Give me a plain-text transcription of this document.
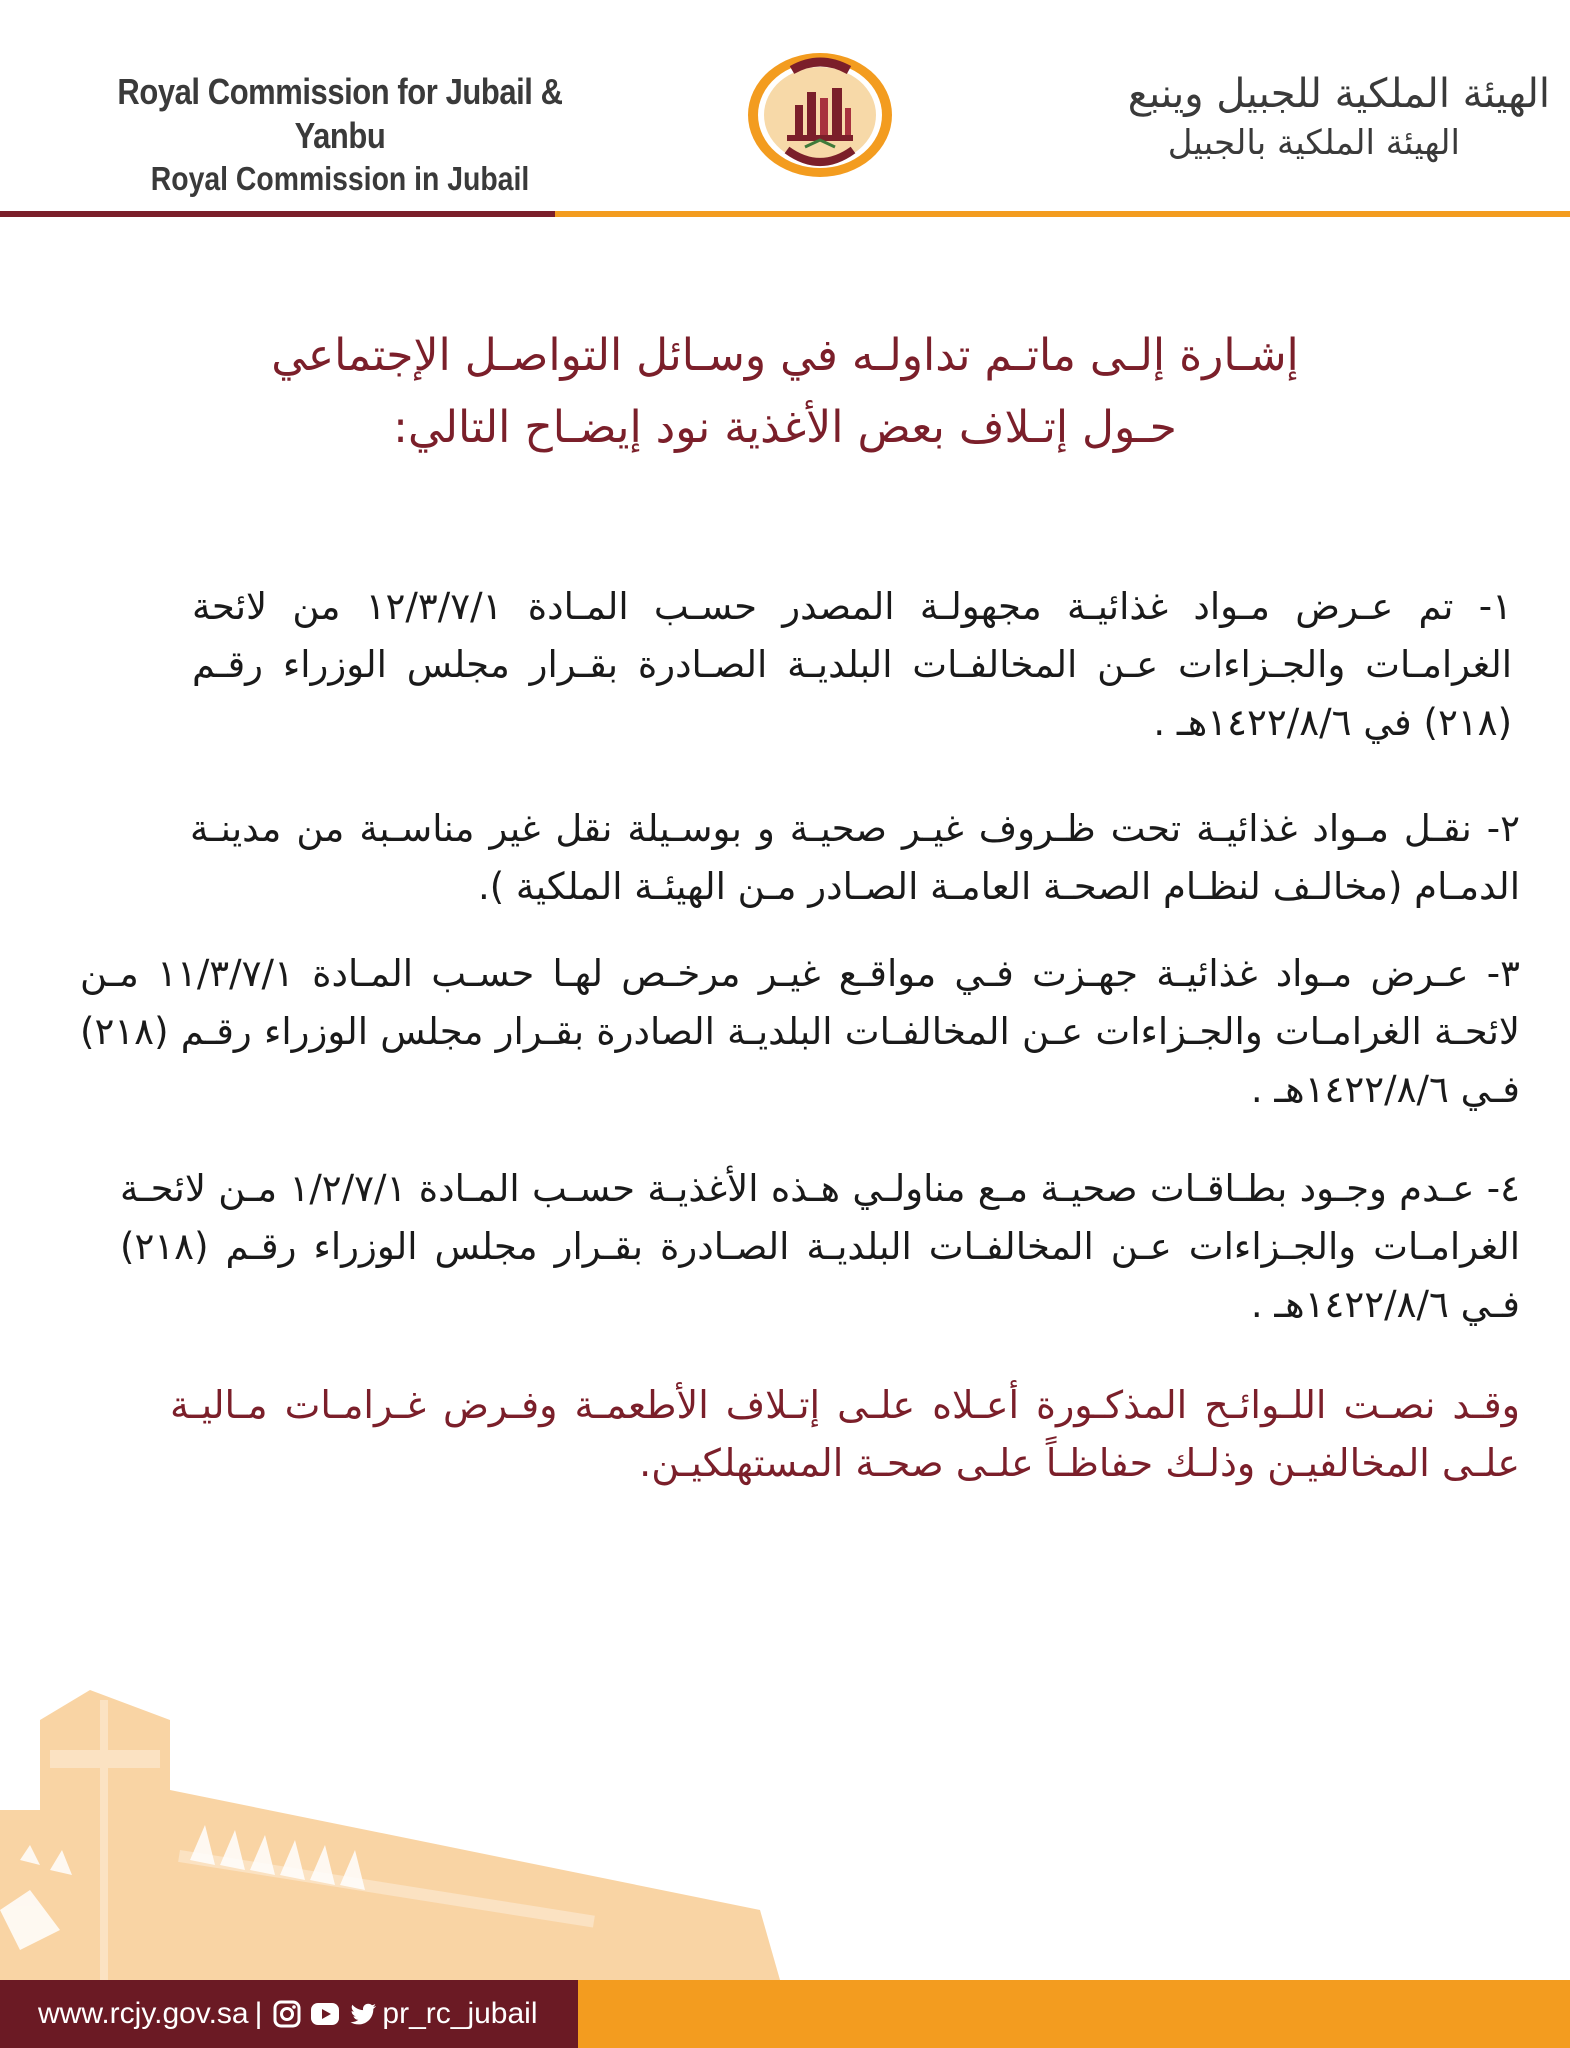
Royal Commission for Jubail & Yanbu
Royal Commission in Jubail
الهيئة الملكية للجبيل وينبع
الهيئة الملكية بالجبيل
إشـارة إلـى ماتـم تداولـه في وسـائل التواصـل الإجتماعي
حـول إتـلاف بعض الأغذية نود إيضـاح التالي:
١- تم عـرض مـواد غذائيـة مجهولـة المصدر حسـب المـادة ١٢/٣/٧/١ من لائحة الغرامـات والجـزاءات عـن المخالفـات البلديـة الصـادرة بقـرار مجلس الوزراء رقـم (٢١٨) في ١٤٢٢/٨/٦هـ .
٢- نقـل مـواد غذائيـة تحت ظـروف غيـر صحيـة و بوسـيلة نقل غير مناسـبة من مدينـة الدمـام (مخالـف لنظـام الصحـة العامـة الصـادر مـن الهيئـة الملكية ).
٣- عـرض مـواد غذائيـة جهـزت فـي مواقـع غيـر مرخـص لهـا حسـب المـادة ١١/٣/٧/١ مـن لائحـة الغرامـات والجـزاءات عـن المخالفـات البلديـة الصادرة بقـرار مجلس الوزراء رقـم (٢١٨) فـي ١٤٢٢/٨/٦هـ .
٤- عـدم وجـود بطـاقـات صحيـة مـع مناولـي هـذه الأغذيـة حسـب المـادة ١/٢/٧/١ مـن لائحـة الغرامـات والجـزاءات عـن المخالفـات البلديـة الصـادرة بقـرار مجلس الوزراء رقـم (٢١٨) فـي ١٤٢٢/٨/٦هـ .
وقـد نصـت اللـوائـح المذكـورة أعـلاه علـى إتـلاف الأطعمـة وفـرض غـرامـات مـاليـة علـى المخالفيـن وذلـك حفاظـاً علـى صحـة المستهلكيـن.
www.rcjy.gov.sa |	pr_rc_jubail
